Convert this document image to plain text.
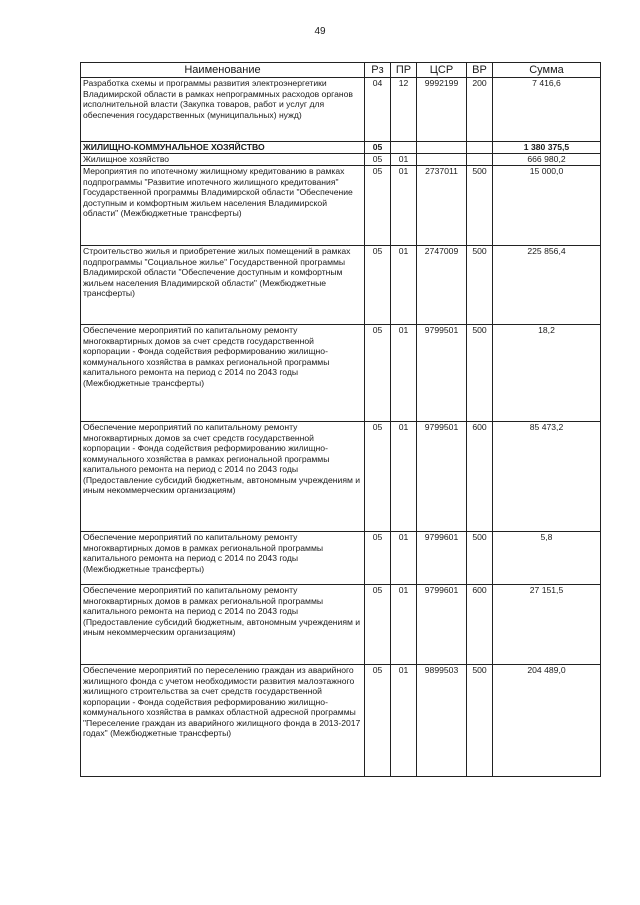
49
Наименование	Рз	ПР	ЦСР	ВР	Сумма
Разработка схемы и программы развития электроэнергетики Владимирской области в рамках непрограммных расходов органов исполнительной власти (Закупка товаров, работ и услуг для обеспечения государственных (муниципальных) нужд)	04	12	9992199	200	7 416,6
ЖИЛИЩНО-КОММУНАЛЬНОЕ ХОЗЯЙСТВО	05				1 380 375,5
Жилищное хозяйство	05	01			666 980,2
Мероприятия по ипотечному жилищному кредитованию в рамках подпрограммы "Развитие ипотечного жилищного кредитования" Государственной программы Владимирской области "Обеспечение доступным и комфортным жильем населения Владимирской области" (Межбюджетные трансферты)	05	01	2737011	500	15 000,0
Строительство жилья и приобретение жилых помещений в рамках подпрограммы "Социальное жилье" Государственной программы Владимирской области "Обеспечение доступным и комфортным жильем населения Владимирской области" (Межбюджетные трансферты)	05	01	2747009	500	225 856,4
Обеспечение мероприятий по капитальному ремонту многоквартирных домов за счет средств государственной корпорации - Фонда содействия реформированию жилищно-коммунального хозяйства в рамках региональной программы капитального ремонта на период с 2014 по 2043 годы (Межбюджетные трансферты)	05	01	9799501	500	18,2
Обеспечение мероприятий по капитальному ремонту многоквартирных домов за счет средств государственной корпорации - Фонда содействия реформированию жилищно-коммунального хозяйства в рамках региональной программы капитального ремонта на период с 2014 по 2043 годы (Предоставление субсидий бюджетным, автономным учреждениям и иным некоммерческим организациям)	05	01	9799501	600	85 473,2
Обеспечение мероприятий по капитальному ремонту многоквартирных домов в рамках региональной программы капитального ремонта на период с 2014 по 2043 годы (Межбюджетные трансферты)	05	01	9799601	500	5,8
Обеспечение мероприятий по капитальному ремонту многоквартирных домов в рамках региональной программы капитального ремонта на период с 2014 по 2043 годы (Предоставление субсидий бюджетным, автономным учреждениям и иным некоммерческим организациям)	05	01	9799601	600	27 151,5
Обеспечение мероприятий по переселению граждан из аварийного жилищного фонда с учетом необходимости развития малоэтажного жилищного строительства за счет средств государственной корпорации - Фонда содействия реформированию жилищно-коммунального хозяйства в рамках областной адресной программы "Переселение граждан из аварийного жилищного фонда в 2013-2017 годах" (Межбюджетные трансферты)	05	01	9899503	500	204 489,0
